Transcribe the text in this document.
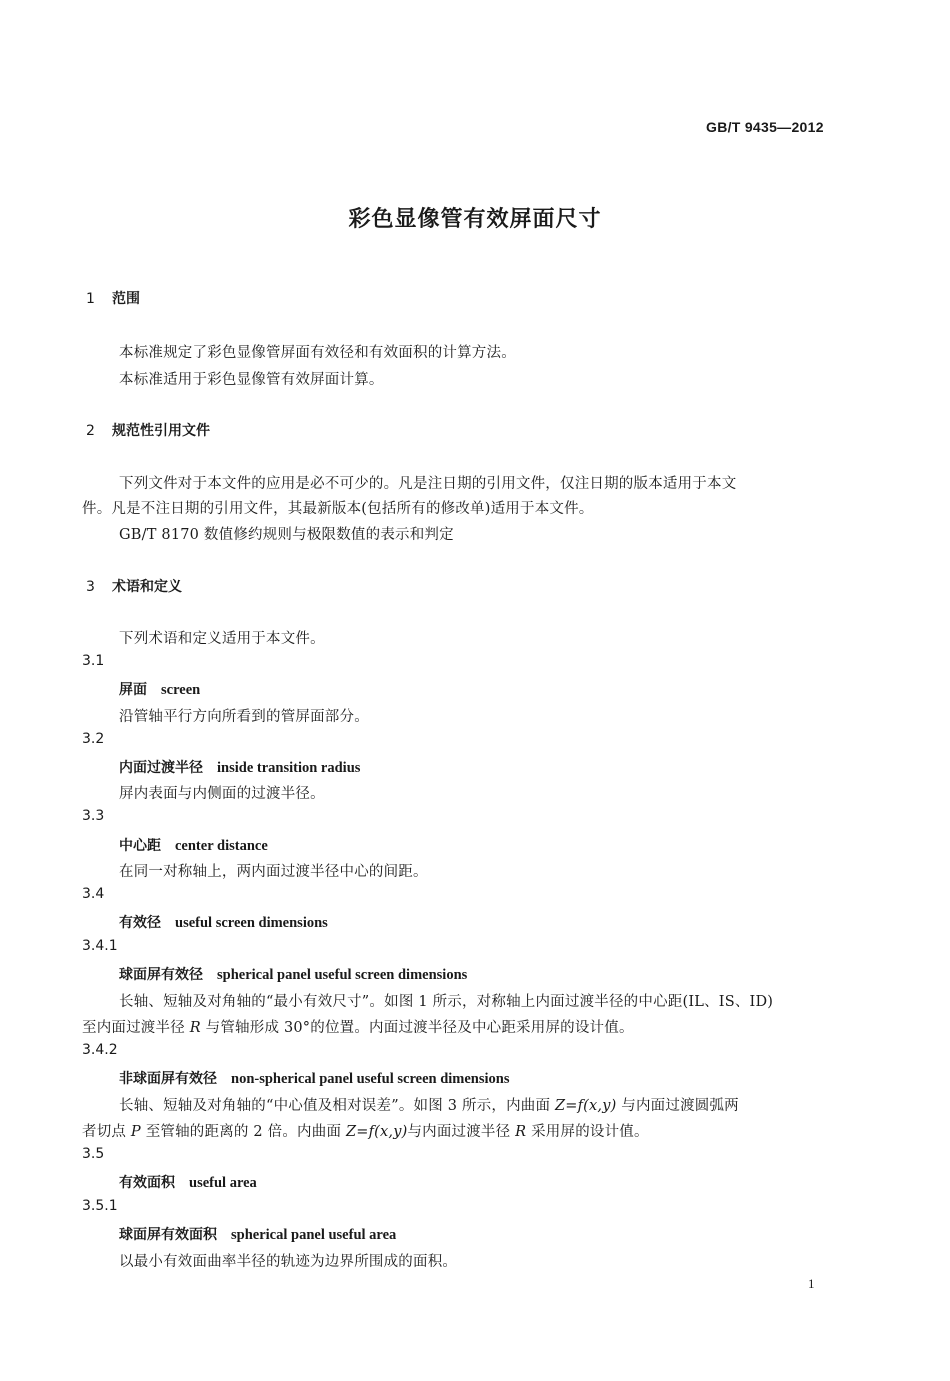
GB/T 9435—2012
彩色显像管有效屏面尺寸
1 范围
本标准规定了彩色显像管屏面有效径和有效面积的计算方法。
本标准适用于彩色显像管有效屏面计算。
2 规范性引用文件
下列文件对于本文件的应用是必不可少的。凡是注日期的引用文件，仅注日期的版本适用于本文
件。凡是不注日期的引用文件，其最新版本(包括所有的修改单)适用于本文件。
GB/T 8170 数值修约规则与极限数值的表示和判定
3 术语和定义
下列术语和定义适用于本文件。
3.1
屏面 screen
沿管轴平行方向所看到的管屏面部分。
3.2
内面过渡半径 inside transition radius
屏内表面与内侧面的过渡半径。
3.3
中心距 center distance
在同一对称轴上，两内面过渡半径中心的间距。
3.4
有效径 useful screen dimensions
3.4.1
球面屏有效径 spherical panel useful screen dimensions
长轴、短轴及对角轴的“最小有效尺寸”。如图 1 所示，对称轴上内面过渡半径的中心距(IL、IS、ID)
至内面过渡半径 R 与管轴形成 30°的位置。内面过渡半径及中心距采用屏的设计值。
3.4.2
非球面屏有效径 non-spherical panel useful screen dimensions
长轴、短轴及对角轴的“中心值及相对误差”。如图 3 所示，内曲面 Z=f(x,y) 与内面过渡圆弧两
者切点 P 至管轴的距离的 2 倍。内曲面 Z=f(x,y)与内面过渡半径 R 采用屏的设计值。
3.5
有效面积 useful area
3.5.1
球面屏有效面积 spherical panel useful area
以最小有效面曲率半径的轨迹为边界所围成的面积。
1
